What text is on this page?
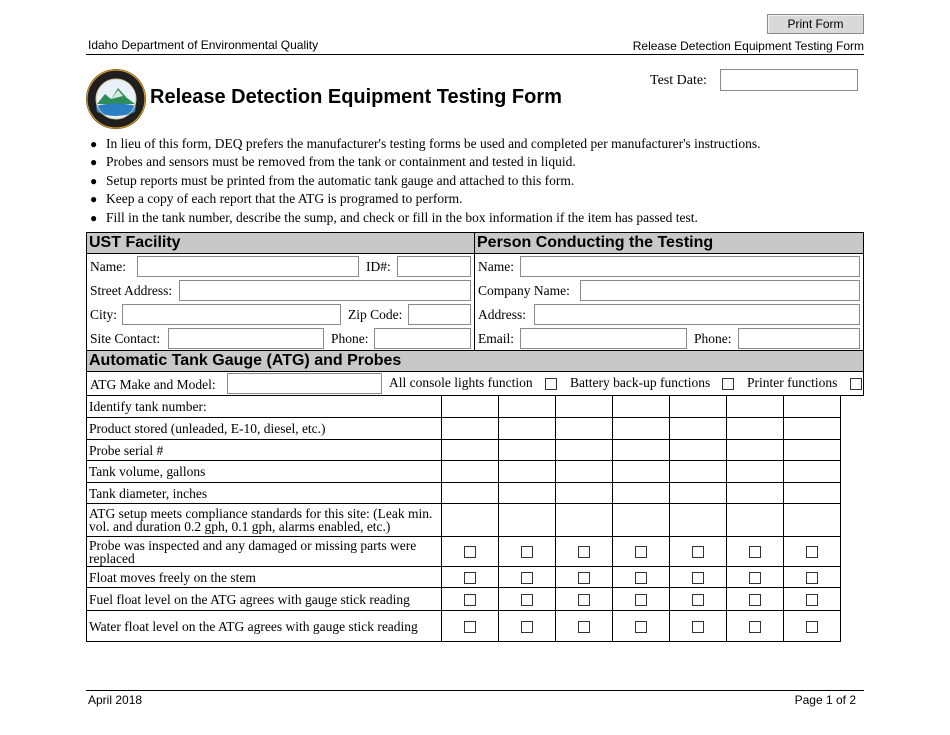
Print Form
Idaho Department of Environmental Quality	Release Detection Equipment Testing Form
Release Detection Equipment Testing Form
Test Date:
● In lieu of this form, DEQ prefers the manufacturer's testing forms be used and completed per manufacturer's instructions.
● Probes and sensors must be removed from the tank or containment and tested in liquid.
● Setup reports must be printed from the automatic tank gauge and attached to this form.
● Keep a copy of each report that the ATG is programed to perform.
● Fill in the tank number, describe the sump, and check or fill in the box information if the item has passed test.
UST Facility	Person Conducting the Testing
Name:	ID#:
Street Address:
City:	Zip Code:
Site Contact:	Phone:
Name:
Company Name:
Address:
Email:	Phone:
Automatic Tank Gauge (ATG) and Probes
ATG Make and Model:	All console lights function	Battery back-up functions	Printer functions
Identify tank number:							
Product stored (unleaded, E-10, diesel, etc.)							
Probe serial #							
Tank volume, gallons							
Tank diameter, inches							
ATG setup meets compliance standards for this site: (Leak min. vol. and duration 0.2 gph, 0.1 gph, alarms enabled, etc.)							
Probe was inspected and any damaged or missing parts were replaced							
Float moves freely on the stem							
Fuel float level on the ATG agrees with gauge stick reading							
Water float level on the ATG agrees with gauge stick reading							
April 2018	Page 1 of 2
